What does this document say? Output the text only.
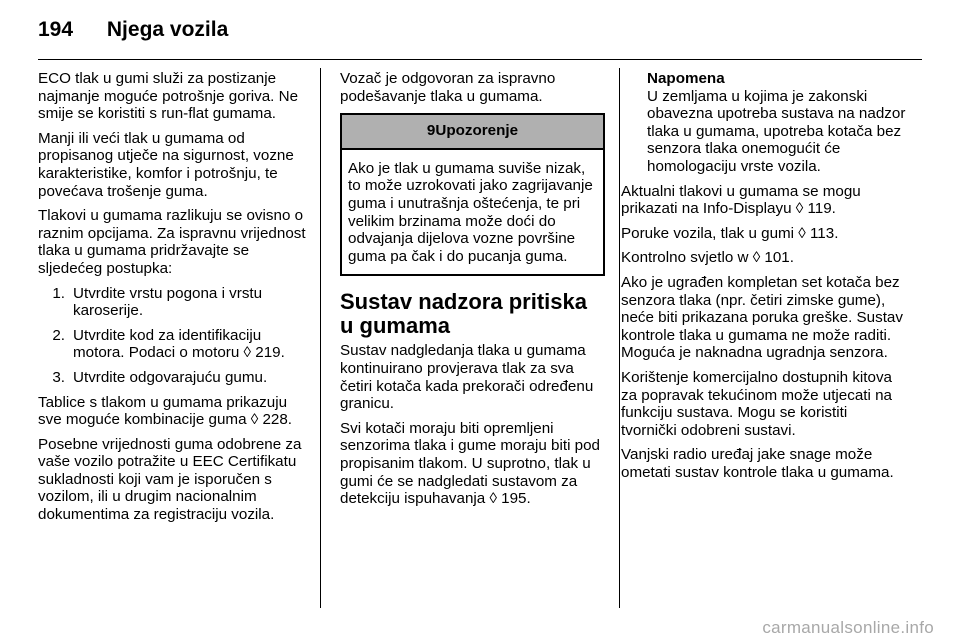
194 Njega vozila

ECO tlak u gumi služi za postizanje najmanje moguće potrošnje goriva. Ne smije se koristiti s run-flat gumama.

Manji ili veći tlak u gumama od propisanog utječe na sigurnost, vozne karakteristike, komfor i potrošnju, te povećava trošenje guma.

Tlakovi u gumama razlikuju se ovisno o raznim opcijama. Za ispravnu vrijednost tlaka u gumama pridržavajte se sljedećeg postupka:

1. Utvrdite vrstu pogona i vrstu karoserije.
2. Utvrdite kod za identifikaciju motora. Podaci o motoru ◊ 219.
3. Utvrdite odgovarajuću gumu.

Tablice s tlakom u gumama prikazuju sve moguće kombinacije guma ◊ 228.

Posebne vrijednosti guma odobrene za vaše vozilo potražite u EEC Certifikatu sukladnosti koji vam je isporučen s vozilom, ili u drugim nacionalnim dokumentima za registraciju vozila.

Vozač je odgovoran za ispravno podešavanje tlaka u gumama.

9Upozorenje
Ako je tlak u gumama suviše nizak, to može uzrokovati jako zagrijavanje guma i unutrašnja oštećenja, te pri velikim brzinama može doći do odvajanja dijelova vozne površine guma pa čak i do pucanja guma.
Sustav nadzora pritiska u gumama

Sustav nadgledanja tlaka u gumama kontinuirano provjerava tlak za sva četiri kotača kada prekorači određenu granicu.

Svi kotači moraju biti opremljeni senzorima tlaka i gume moraju biti pod propisanim tlakom. U suprotno, tlak u gumi će se nadgledati sustavom za detekciju ispuhavanja ◊ 195.

Napomena
U zemljama u kojima je zakonski obavezna upotreba sustava na nadzor tlaka u gumama, upotreba kotača bez senzora tlaka onemogućit će homologaciju vrste vozila.

Aktualni tlakovi u gumama se mogu prikazati na Info-Displayu ◊ 119.

Poruke vozila, tlak u gumi ◊ 113.

Kontrolno svjetlo w ◊ 101.

Ako je ugrađen kompletan set kotača bez senzora tlaka (npr. četiri zimske gume), neće biti prikazana poruka greške. Sustav kontrole tlaka u gumama ne može raditi. Moguća je naknadna ugradnja senzora.

Korištenje komercijalno dostupnih kitova za popravak tekućinom može utjecati na funkciju sustava. Mogu se koristiti tvornički odobreni sustavi.

Vanjski radio uređaj jake snage može ometati sustav kontrole tlaka u gumama.

carmanualsonline.info
